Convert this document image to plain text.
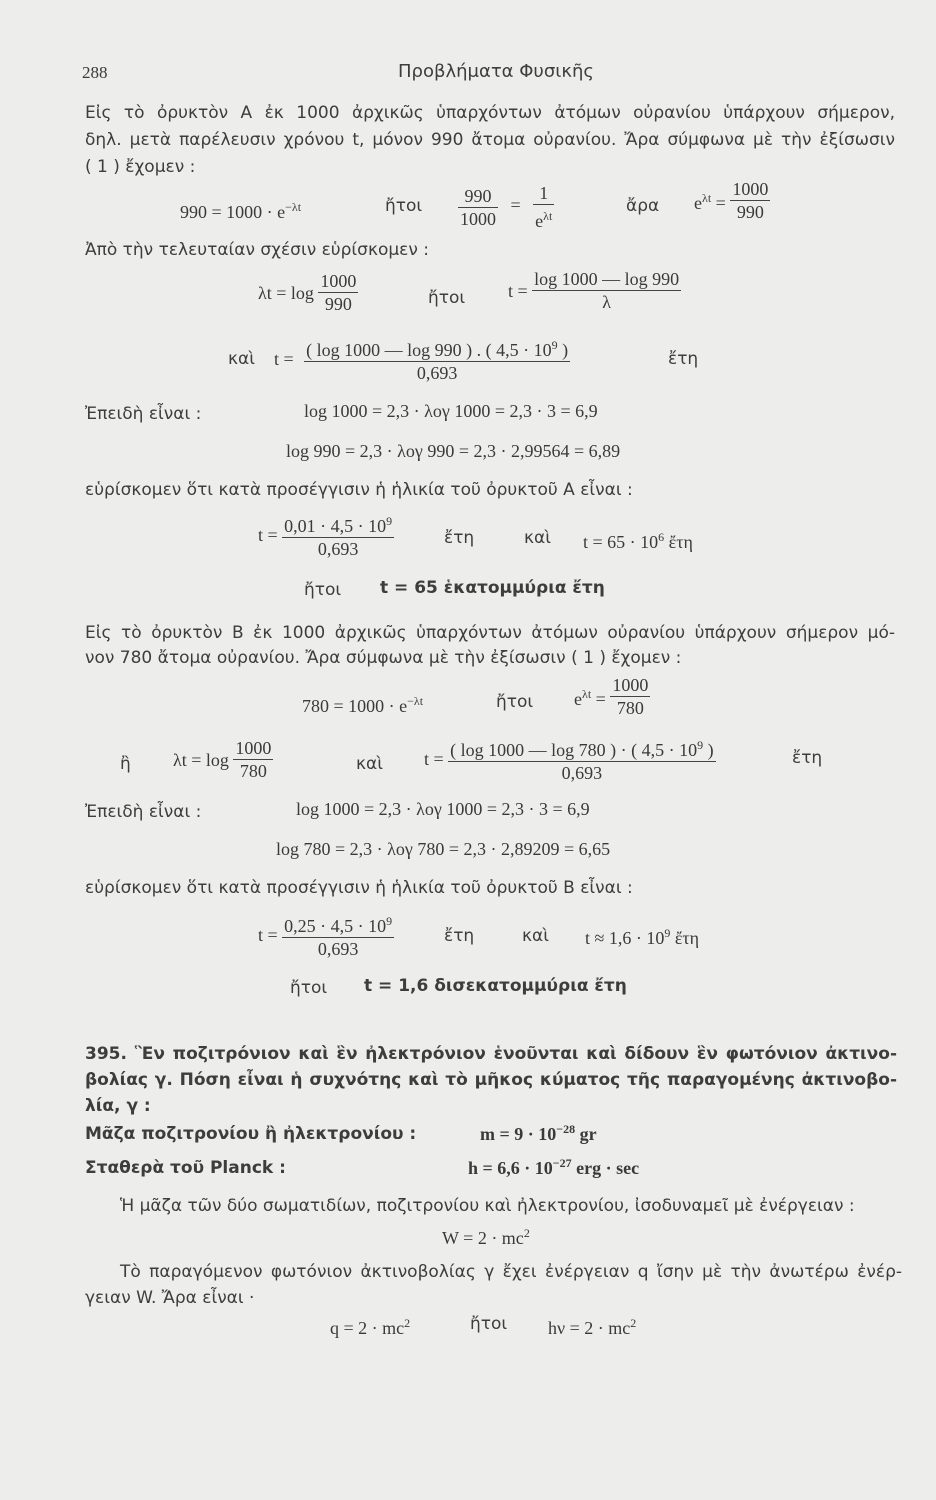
288	Προβλήματα Φυσικῆς
Εἰς τὸ ὀρυκτὸν Α ἐκ 1000 ἀρχικῶς ὑπαρχόντων ἀτόμων οὐρανίου ὑπάρχουν σήμερον,
δηλ. μετὰ παρέλευσιν χρόνου t, μόνον 990 ἄτομα οὐρανίου. Ἄρα σύμφωνα μὲ τὴν ἐξίσωσιν
( 1 ) ἔχομεν :
$990 = 1000 \cdot e^{-\lambda t}$	ἤτοι $\frac{990}{1000} = \frac{1}{e^{\lambda t}}$	ἄρα $e^{\lambda t} = \frac{1000}{990}$
Ἀπὸ τὴν τελευταίαν σχέσιν εὑρίσκομεν :
$\lambda t = \log \frac{1000}{990}$	ἤτοι $t = \frac{\log 1000 — \log 990}{\lambda}$
καὶ $t = \frac{( \log 1000 — \log 990 ) . ( 4,5 \cdot 10^9 )}{0,693}$	ἔτη
Ἐπειδὴ εἶναι :	log 1000 = 2,3 · λογ 1000 = 2,3 · 3 = 6,9
log 990 = 2,3 · λογ 990 = 2,3 · 2,99564 = 6,89
εὑρίσκομεν ὅτι κατὰ προσέγγισιν ἡ ἡλικία τοῦ ὀρυκτοῦ Α εἶναι :
$t = \frac{0,01 \cdot 4,5 \cdot 10^9}{0,693}$	ἔτη	καὶ $t = 65 \cdot 10^6$ ἔτη
ἤτοι t = 65 ἑκατομμύρια ἔτη
Εἰς τὸ ὀρυκτὸν Β ἐκ 1000 ἀρχικῶς ὑπαρχόντων ἀτόμων οὐρανίου ὑπάρχουν σήμερον μό-
νον 780 ἄτομα οὐρανίου. Ἄρα σύμφωνα μὲ τὴν ἐξίσωσιν ( 1 ) ἔχομεν :
$780 = 1000 \cdot e^{-\lambda t}$	ἤτοι $e^{\lambda t} = \frac{1000}{780}$
ἢ $\lambda t = \log \frac{1000}{780}$	καὶ $t = \frac{( \log 1000 — \log 780 ) \cdot ( 4,5 \cdot 10^9 )}{0,693}$	ἔτη
Ἐπειδὴ εἶναι :	log 1000 = 2,3 · λογ 1000 = 2,3 · 3 = 6,9
log 780 = 2,3 · λογ 780 = 2,3 · 2,89209 = 6,65
εὑρίσκομεν ὅτι κατὰ προσέγγισιν ἡ ἡλικία τοῦ ὀρυκτοῦ Β εἶναι :
$t = \frac{0,25 \cdot 4,5 \cdot 10^9}{0,693}$	ἔτη	καὶ $t \approx 1,6 \cdot 10^9$ ἔτη
ἤτοι t = 1,6 δισεκατομμύρια ἔτη
395. Ἓν ποζιτρόνιον καὶ ἓν ἠλεκτρόνιον ἑνοῦνται καὶ δίδουν ἓν φωτόνιον ἀκτινο-
βολίας γ. Πόση εἶναι ἡ συχνότης καὶ τὸ μῆκος κύματος τῆς παραγομένης ἀκτινοβο-
λία, γ :
Μᾶζα ποζιτρονίου ἢ ἠλεκτρονίου :	$m = 9 \cdot 10^{-28}$ gr
Σταθερὰ τοῦ Planck :	$h = 6,6 \cdot 10^{-27}$ erg · sec
Ἡ μᾶζα τῶν δύο σωματιδίων, ποζιτρονίου καὶ ἠλεκτρονίου, ἰσοδυναμεῖ μὲ ἐνέργειαν :
$W = 2 \cdot mc^2$
Τὸ παραγόμενον φωτόνιον ἀκτινοβολίας γ ἔχει ἐνέργειαν q ἴσην μὲ τὴν ἀνωτέρω ἐνέρ-
γειαν W. Ἄρα εἶναι ·
$q = 2 \cdot mc^2$	ἤτοι $h\nu = 2 \cdot mc^2$
